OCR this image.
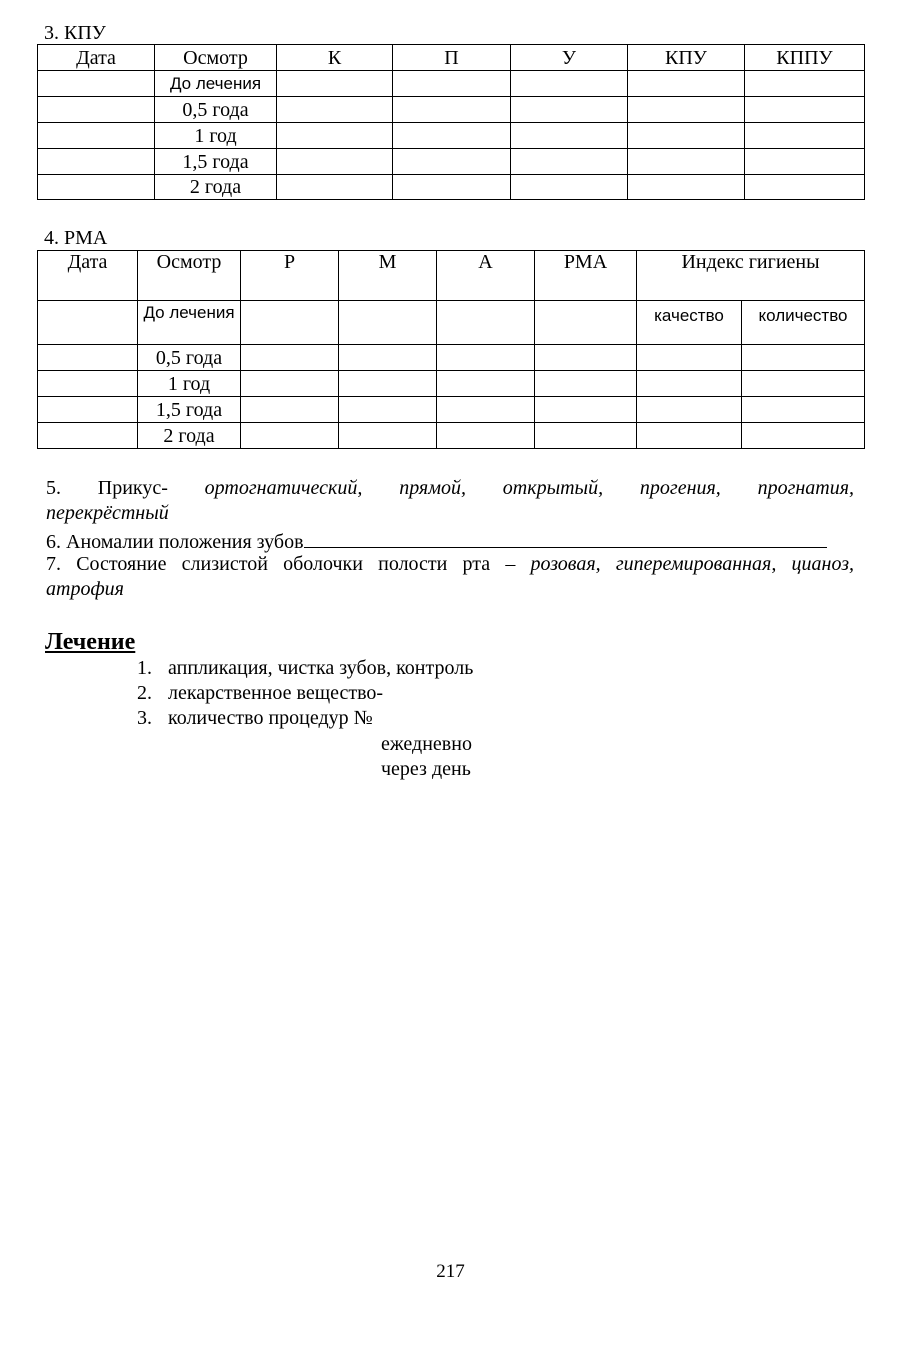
3. КПУ
Дата	Осмотр	К	П	У	КПУ	КППУ
	До лечения					
	0,5 года					
	1 год					
	1,5 года					
	2 года					
4. РМА
Дата	Осмотр	Р	М	А	РМА	Индекс гигиены	
	До лечения					качество	количество
	0,5 года						
	1 год						
	1,5 года						
	2 года						
5. Прикус- ортогнатический, прямой, открытый, прогения, прогнатия,
перекрёстный
6. Аномалии положения зубов
7. Состояние слизистой оболочки полости рта – розовая, гиперемированная, цианоз,
атрофия
Лечение
1. аппликация, чистка зубов, контроль
2. лекарственное вещество-
3. количество процедур №
ежедневно
через день
217
